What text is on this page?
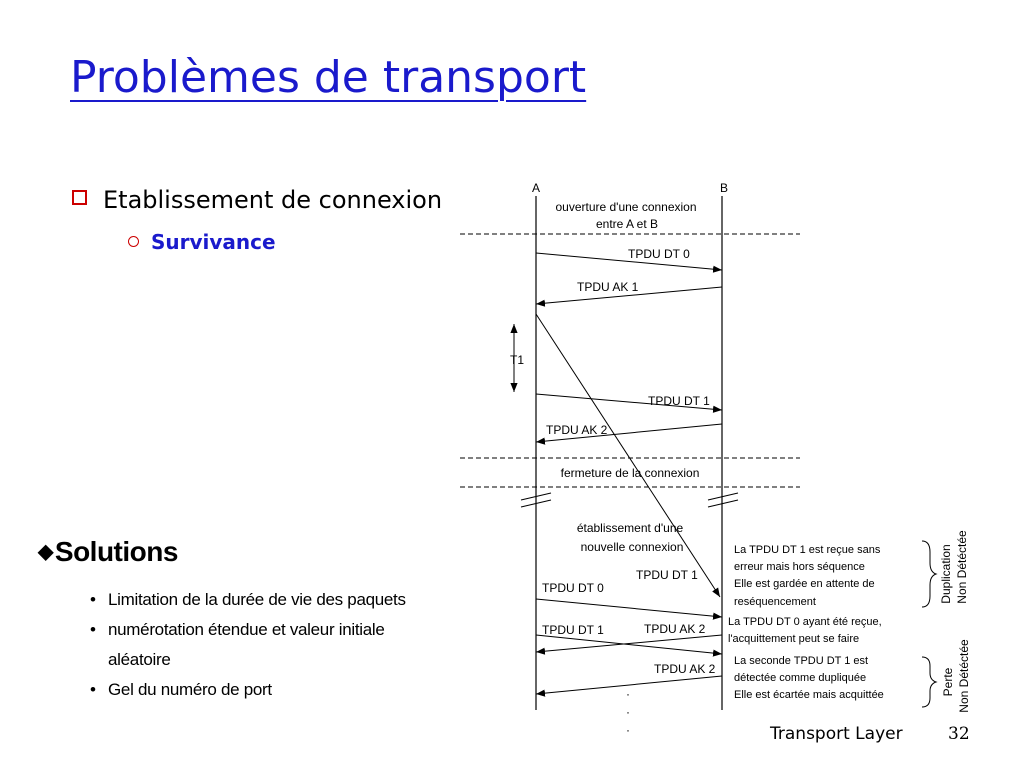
Problèmes de transport
Etablissement de connexion
Survivance
◆Solutions
• Limitation de la durée de vie des paquets
• numérotation étendue et valeur initiale
aléatoire
• Gel du numéro de port
A	B
ouverture d'une connexion
entre A et B
TPDU DT 0
TPDU AK 1
T1
TPDU DT 1
TPDU AK 2
fermeture de la connexion
établissement d'une
nouvelle connexion
TPDU DT 1
TPDU DT 0
TPDU DT 1	TPDU AK 2
TPDU AK 2
·
·
·
La TPDU DT 1 est reçue sans
erreur mais hors séquence
Elle est gardée en attente de
reséquencement
La TPDU DT 0 ayant été reçue,
l'acquittement peut se faire
La seconde TPDU DT 1 est
détectée comme dupliquée
Elle est écartée mais acquittée
Duplication Non Détéctée
Perte Non Détéctée
Transport Layer	32
